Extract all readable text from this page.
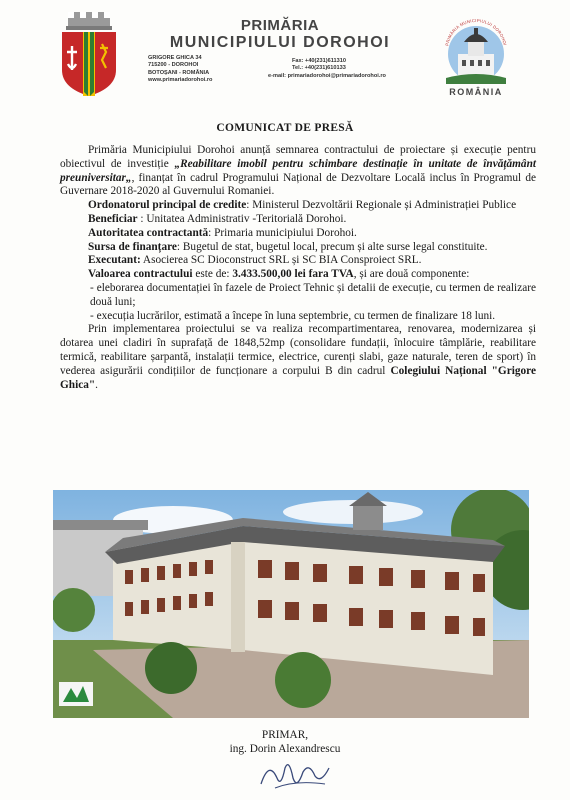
PRIMĂRIA
MUNICIPIULUI DOROHOI
GRIGORE GHICA 34
715200 - DOROHOI
BOTOȘANI - ROMÂNIA
www.primariadorohoi.ro
Fax: +40(231)611310
Tel.: +40(231)610133
e-mail: primariadorohoi@primariadorohoi.ro
PRIMĂRIA MUNICIPIULUI DOROHOI
ROMÂNIA
COMUNICAT DE PRESĂ

Primăria Municipiului Dorohoi anunță semnarea contractului de proiectare și execuție pentru obiectivul de investiție „Reabilitare imobil pentru schimbare destinație în unitate de învățământ preuniversitar„, finanțat în cadrul Programului Național de Dezvoltare Locală inclus în Programul de Guvernare 2018-2020 al Guvernului Romaniei.

Ordonatorul principal de credite: Ministerul Dezvoltării Regionale și Administrației Publice

Beneficiar : Unitatea Administrativ -Teritorială Dorohoi.

Autoritatea contractantă: Primaria municipiului Dorohoi.

Sursa de finanțare: Bugetul de stat, bugetul local, precum și alte surse legal constituite.

Executant: Asocierea SC Dioconstruct SRL și SC BIA Consproiect SRL.

Valoarea contractului este de: 3.433.500,00 lei fara TVA, și are două componente:

- eleborarea documentației în fazele de Proiect Tehnic și detalii de execuție, cu termen de realizare două luni;

- execuția lucrărilor, estimată a începe în luna septembrie, cu termen de finalizare 18 luni.

Prin implementarea proiectului se va realiza recompartimentarea, renovarea, modernizarea și dotarea unei cladiri în suprafață de 1848,52mp (consolidare fundații, înlocuire tâmplărie, reabilitare termică, reabilitare șarpantă, instalații termice, electrice, curenți slabi, gaze naturale, teren de sport) în vederea asigurării condițiilor de funcționare a corpului B din cadrul Colegiului Național "Grigore Ghica".

PRIMAR,
ing. Dorin Alexandrescu
